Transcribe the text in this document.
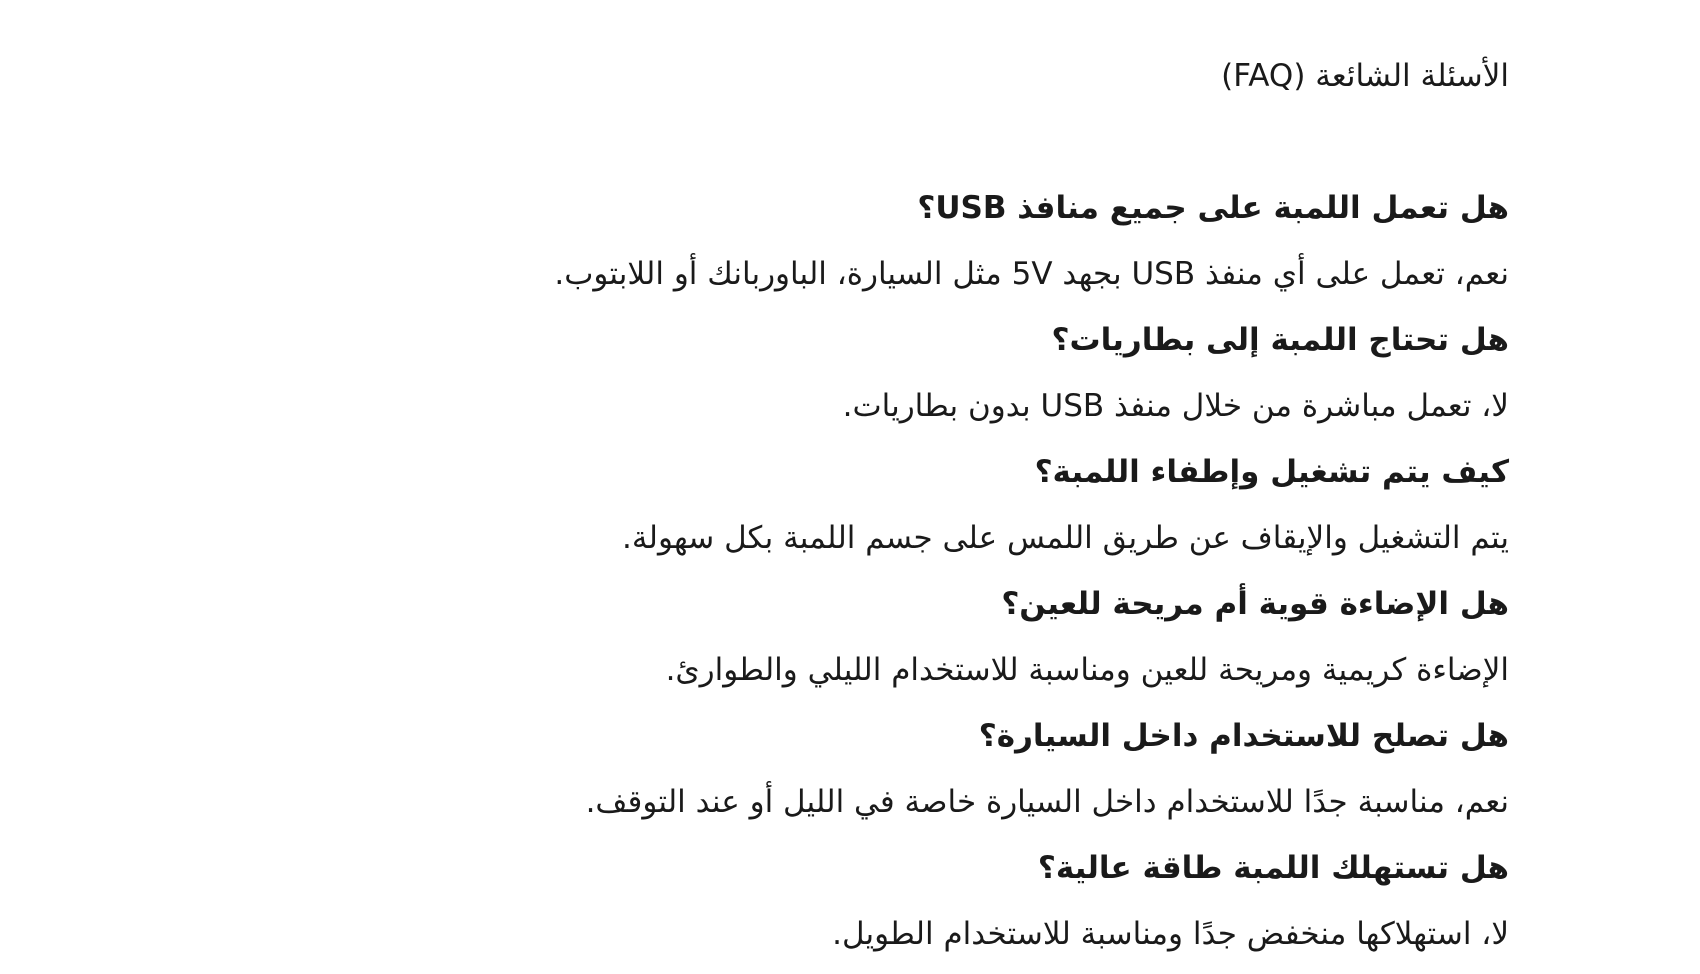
الأسئلة الشائعة (FAQ)
هل تعمل اللمبة على جميع منافذ USB؟
نعم، تعمل على أي منفذ USB بجهد 5V مثل السيارة، الباوربانك أو اللابتوب.
هل تحتاج اللمبة إلى بطاريات؟
لا، تعمل مباشرة من خلال منفذ USB بدون بطاريات.
كيف يتم تشغيل وإطفاء اللمبة؟
يتم التشغيل والإيقاف عن طريق اللمس على جسم اللمبة بكل سهولة.
هل الإضاءة قوية أم مريحة للعين؟
الإضاءة كريمية ومريحة للعين ومناسبة للاستخدام الليلي والطوارئ.
هل تصلح للاستخدام داخل السيارة؟
نعم، مناسبة جدًا للاستخدام داخل السيارة خاصة في الليل أو عند التوقف.
هل تستهلك اللمبة طاقة عالية؟
لا، استهلاكها منخفض جدًا ومناسبة للاستخدام الطويل.
